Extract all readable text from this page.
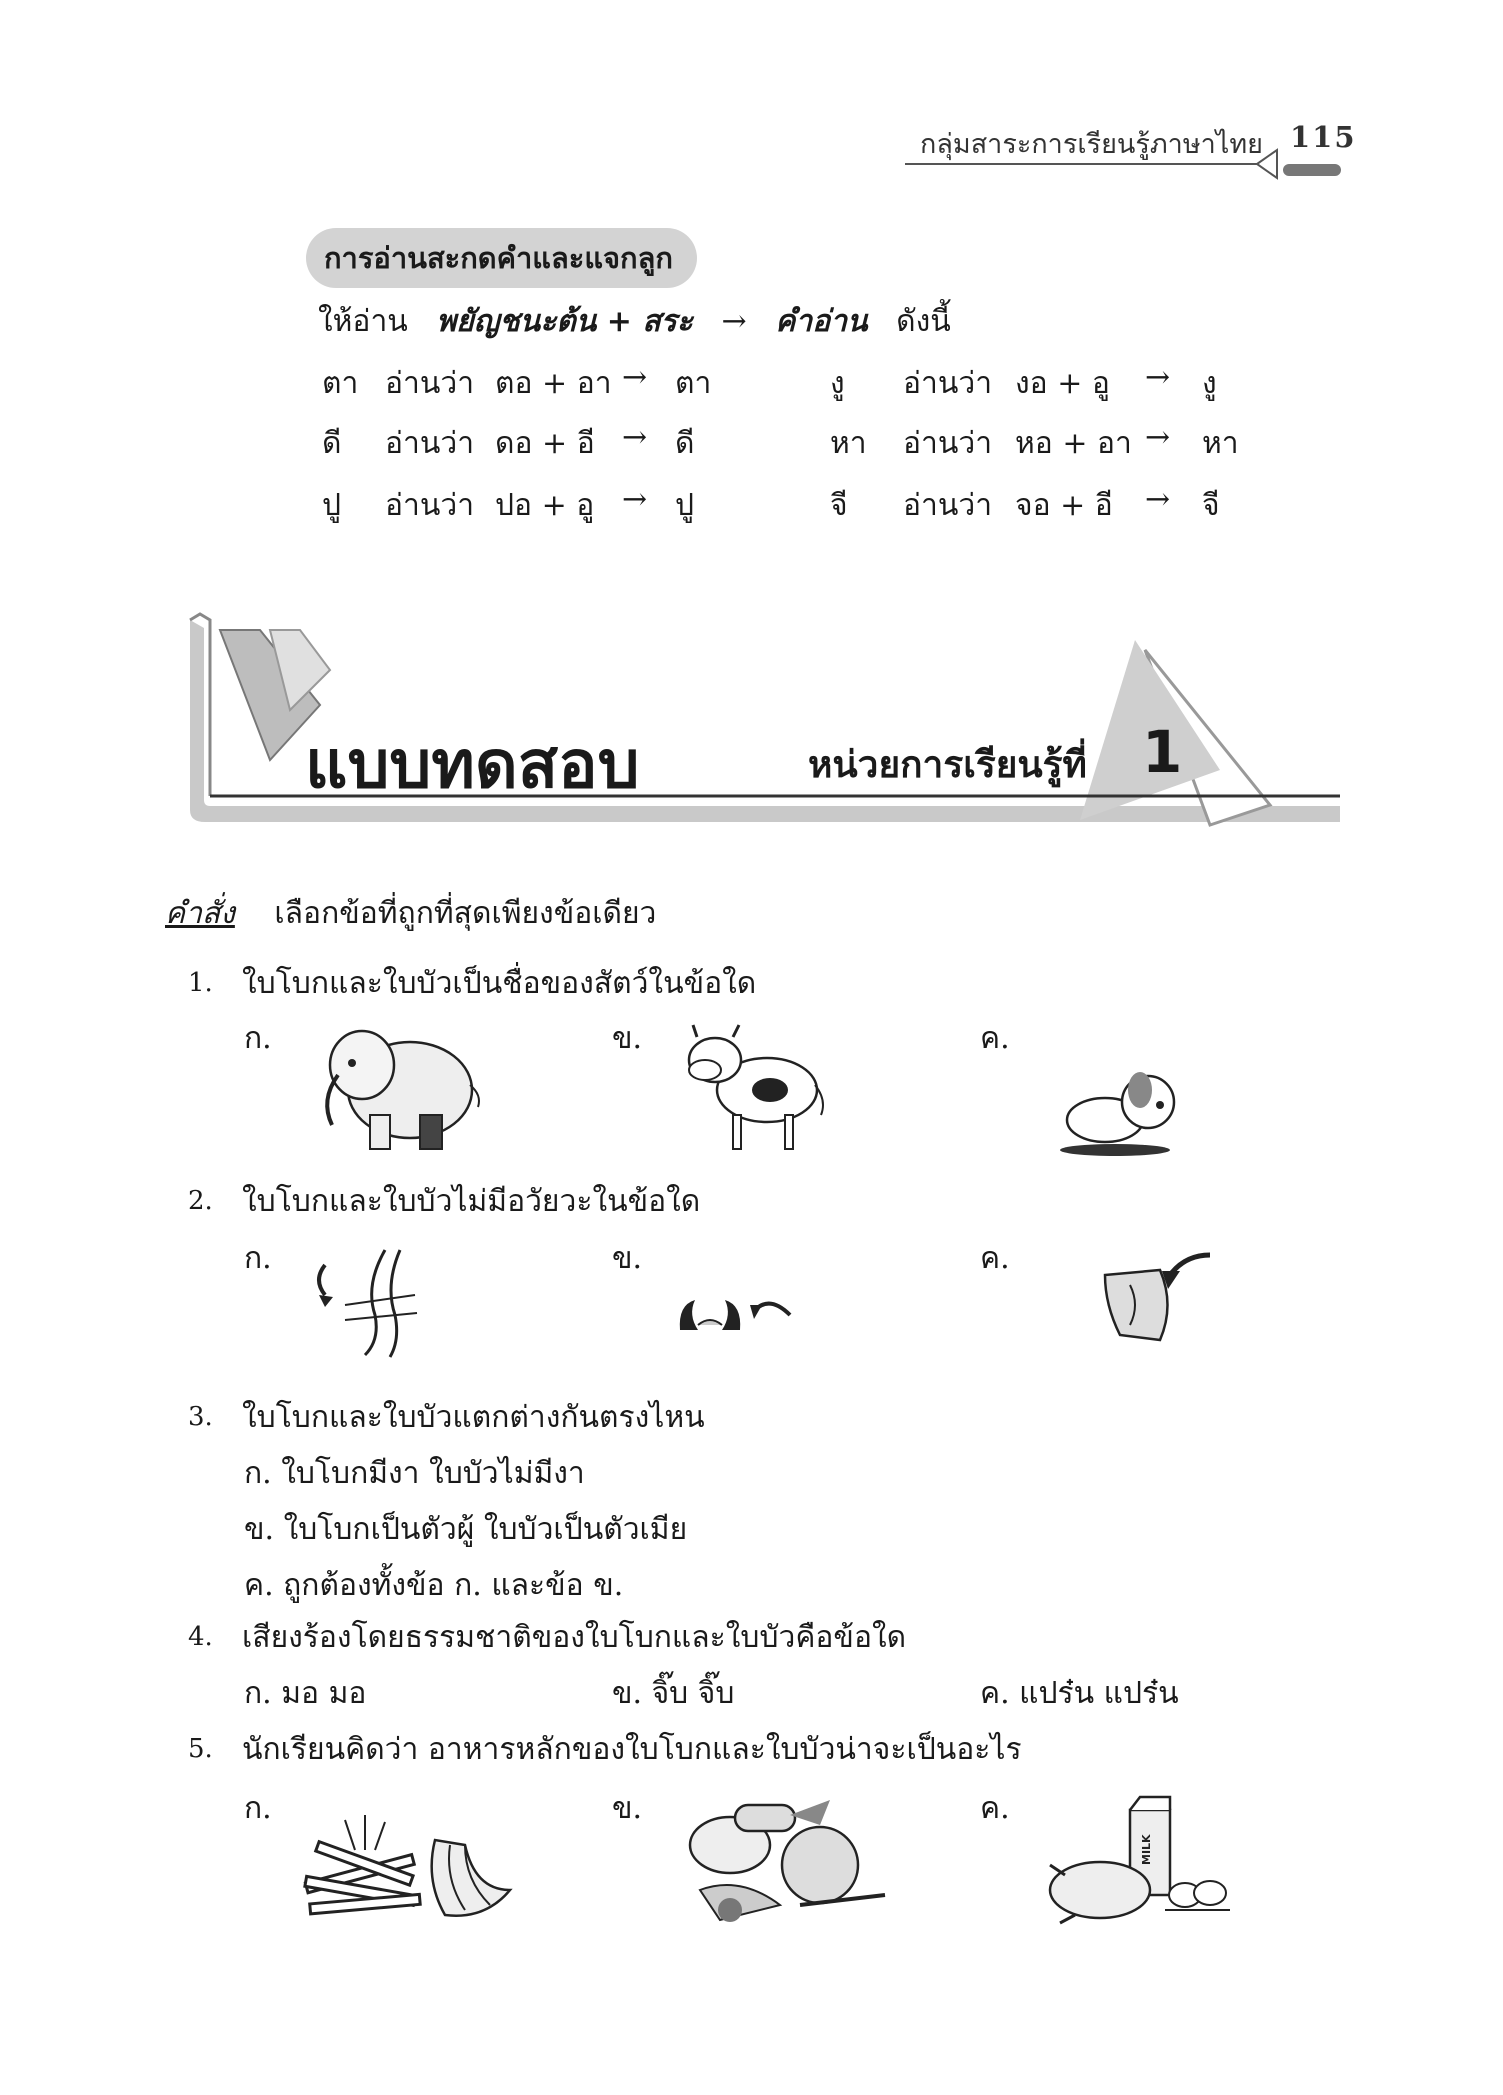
กลุ่มสาระการเรียนรู้ภาษาไทย 115
การอ่านสะกดคำและแจกลูก
ให้อ่าน พยัญชนะต้น + สระ → คำอ่าน ดังนี้
ตา อ่านว่า ตอ + อา → ตา
ดี อ่านว่า ดอ + อี → ดี
ปู อ่านว่า ปอ + อู → ปู
งู อ่านว่า งอ + อู → งู
หา อ่านว่า หอ + อา → หา
จี อ่านว่า จอ + อี → จี
แบบทดสอบ	หน่วยการเรียนรู้ที่ 1
คำสั่ง เลือกข้อที่ถูกที่สุดเพียงข้อเดียว
1. ใบโบกและใบบัวเป็นชื่อของสัตว์ในข้อใด
ก.	ข.	ค.
2. ใบโบกและใบบัวไม่มีอวัยวะในข้อใด
ก.	ข.	ค.
3. ใบโบกและใบบัวแตกต่างกันตรงไหน
ก. ใบโบกมีงา ใบบัวไม่มีงา
ข. ใบโบกเป็นตัวผู้ ใบบัวเป็นตัวเมีย
ค. ถูกต้องทั้งข้อ ก. และข้อ ข.
4. เสียงร้องโดยธรรมชาติของใบโบกและใบบัวคือข้อใด
ก. มอ มอ	ข. จิ๊บ จิ๊บ	ค. แปร๋น แปร๋น
5. นักเรียนคิดว่า อาหารหลักของใบโบกและใบบัวน่าจะเป็นอะไร
ก.	ข.	ค.
MILK
